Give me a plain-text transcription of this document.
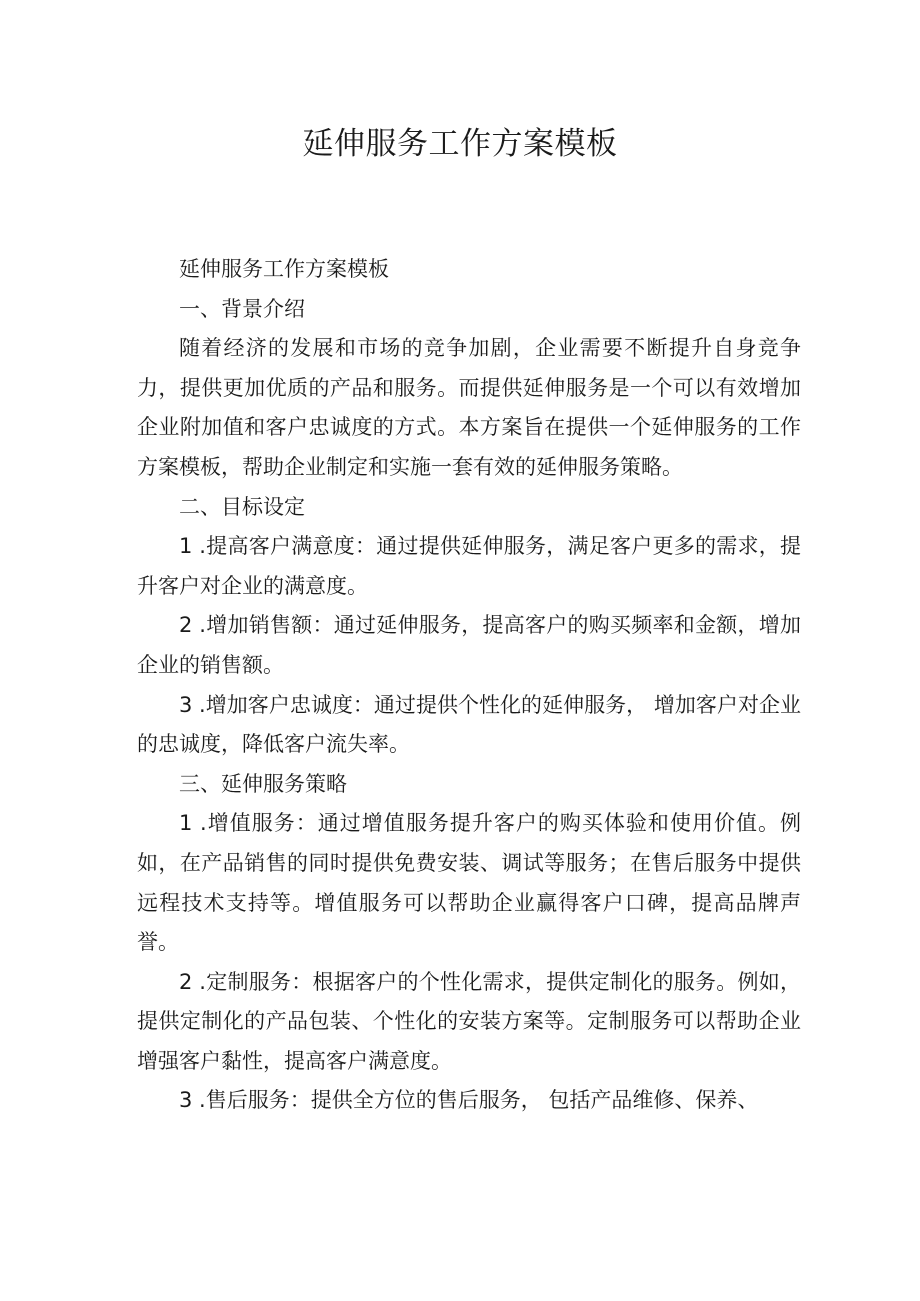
延伸服务工作方案模板

延伸服务工作方案模板

一、背景介绍

随着经济的发展和市场的竞争加剧，企业需要不断提升自身竞争力，提供更加优质的产品和服务。而提供延伸服务是一个可以有效增加企业附加值和客户忠诚度的方式。本方案旨在提供一个延伸服务的工作方案模板，帮助企业制定和实施一套有效的延伸服务策略。

二、目标设定

1 .提高客户满意度：通过提供延伸服务，满足客户更多的需求，提升客户对企业的满意度。

2 .增加销售额：通过延伸服务，提高客户的购买频率和金额，增加企业的销售额。

3 .增加客户忠诚度：通过提供个性化的延伸服务， 增加客户对企业的忠诚度，降低客户流失率。

三、延伸服务策略

1 .增值服务：通过增值服务提升客户的购买体验和使用价值。例如，在产品销售的同时提供免费安装、调试等服务；在售后服务中提供远程技术支持等。增值服务可以帮助企业赢得客户口碑，提高品牌声誉。

2 .定制服务：根据客户的个性化需求，提供定制化的服务。例如，提供定制化的产品包装、个性化的安装方案等。定制服务可以帮助企业增强客户黏性，提高客户满意度。

3 .售后服务：提供全方位的售后服务， 包括产品维修、保养、
